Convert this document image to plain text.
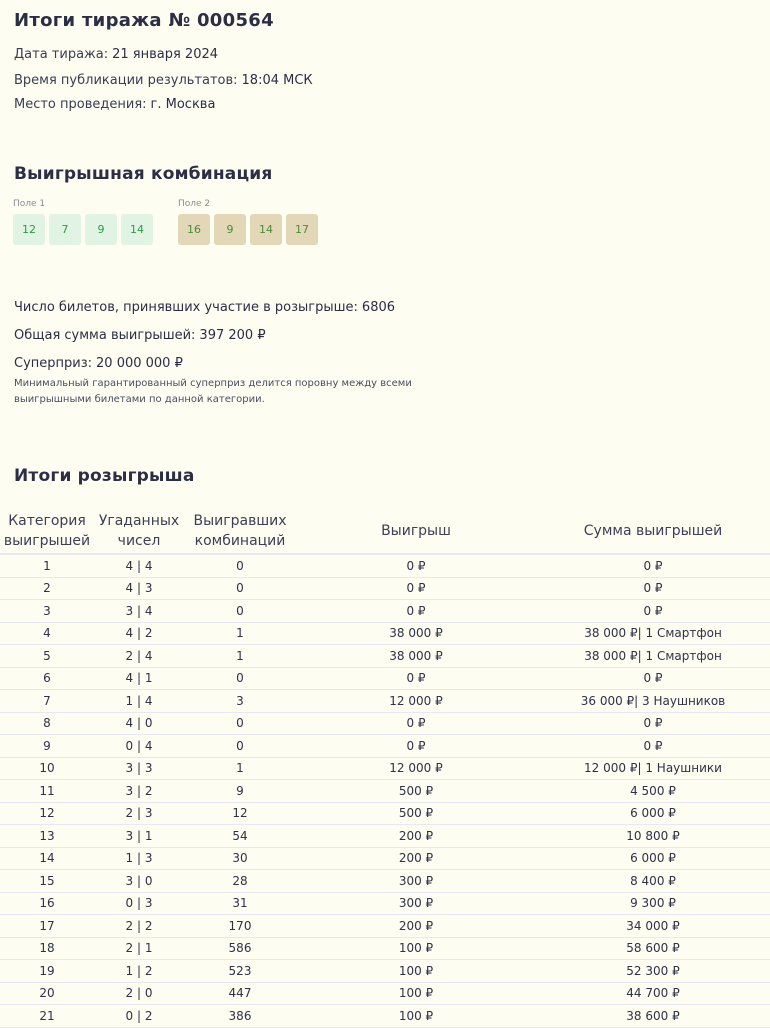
Итоги тиража № 000564
Дата тиража: 21 января 2024
Время публикации результатов: 18:04 МСК
Место проведения: г. Москва
Выигрышная комбинация
Поле 1	Поле 2
12	7	9	14	16	9	14	17
Число билетов, принявших участие в розыгрыше: 6806
Общая сумма выигрышей: 397 200 ₽
Суперприз: 20 000 000 ₽
Минимальный гарантированный суперприз делится поровну между всеми выигрышными билетами по данной категории.
Итоги розыгрыша
Категория выигрышей	Угаданных чисел	Выигравших комбинаций	Выигрыш	Сумма выигрышей
1	4 | 4	0	0 ₽	0 ₽
2	4 | 3	0	0 ₽	0 ₽
3	3 | 4	0	0 ₽	0 ₽
4	4 | 2	1	38 000 ₽	38 000 ₽| 1 Смартфон
5	2 | 4	1	38 000 ₽	38 000 ₽| 1 Смартфон
6	4 | 1	0	0 ₽	0 ₽
7	1 | 4	3	12 000 ₽	36 000 ₽| 3 Наушников
8	4 | 0	0	0 ₽	0 ₽
9	0 | 4	0	0 ₽	0 ₽
10	3 | 3	1	12 000 ₽	12 000 ₽| 1 Наушники
11	3 | 2	9	500 ₽	4 500 ₽
12	2 | 3	12	500 ₽	6 000 ₽
13	3 | 1	54	200 ₽	10 800 ₽
14	1 | 3	30	200 ₽	6 000 ₽
15	3 | 0	28	300 ₽	8 400 ₽
16	0 | 3	31	300 ₽	9 300 ₽
17	2 | 2	170	200 ₽	34 000 ₽
18	2 | 1	586	100 ₽	58 600 ₽
19	1 | 2	523	100 ₽	52 300 ₽
20	2 | 0	447	100 ₽	44 700 ₽
21	0 | 2	386	100 ₽	38 600 ₽
